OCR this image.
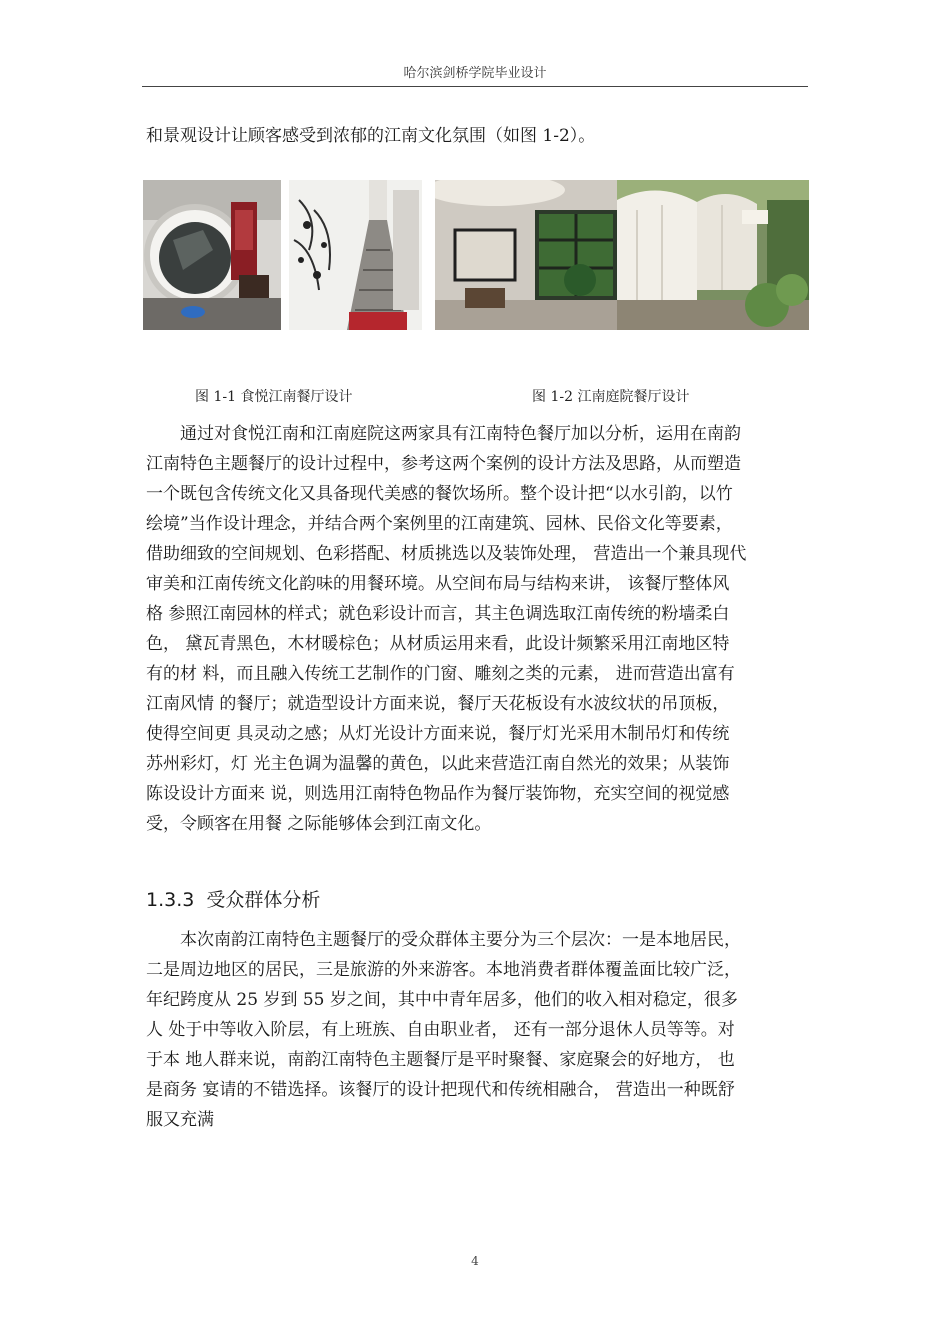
哈尔滨剑桥学院毕业设计

和景观设计让顾客感受到浓郁的江南文化氛围（如图 1-2）。

图 1-1 食悦江南餐厅设计	图 1-2 江南庭院餐厅设计
通过对食悦江南和江南庭院这两家具有江南特色餐厅加以分析，运用在南韵
江南特色主题餐厅的设计过程中，参考这两个案例的设计方法及思路，从而塑造
一个既包含传统文化又具备现代美感的餐饮场所。整个设计把“以水引韵，以竹
绘境”当作设计理念，并结合两个案例里的江南建筑、园林、民俗文化等要素，
借助细致的空间规划、色彩搭配、材质挑选以及装饰处理， 营造出一个兼具现代
审美和江南传统文化韵味的用餐环境。从空间布局与结构来讲， 该餐厅整体风
格 参照江南园林的样式；就色彩设计而言，其主色调选取江南传统的粉墙柔白
色， 黛瓦青黑色，木材暖棕色；从材质运用来看，此设计频繁采用江南地区特
有的材 料，而且融入传统工艺制作的门窗、雕刻之类的元素， 进而营造出富有
江南风情 的餐厅；就造型设计方面来说，餐厅天花板设有水波纹状的吊顶板，
使得空间更 具灵动之感；从灯光设计方面来说，餐厅灯光采用木制吊灯和传统
苏州彩灯，灯 光主色调为温馨的黄色，以此来营造江南自然光的效果；从装饰
陈设设计方面来 说，则选用江南特色物品作为餐厅装饰物，充实空间的视觉感
受，令顾客在用餐 之际能够体会到江南文化。
1.3.3 受众群体分析
本次南韵江南特色主题餐厅的受众群体主要分为三个层次：一是本地居民，
二是周边地区的居民，三是旅游的外来游客。本地消费者群体覆盖面比较广泛，
年纪跨度从 25 岁到 55 岁之间，其中中青年居多，他们的收入相对稳定，很多
人 处于中等收入阶层，有上班族、自由职业者， 还有一部分退休人员等等。对
于本 地人群来说，南韵江南特色主题餐厅是平时聚餐、家庭聚会的好地方， 也
是商务 宴请的不错选择。该餐厅的设计把现代和传统相融合， 营造出一种既舒
服又充满
4
